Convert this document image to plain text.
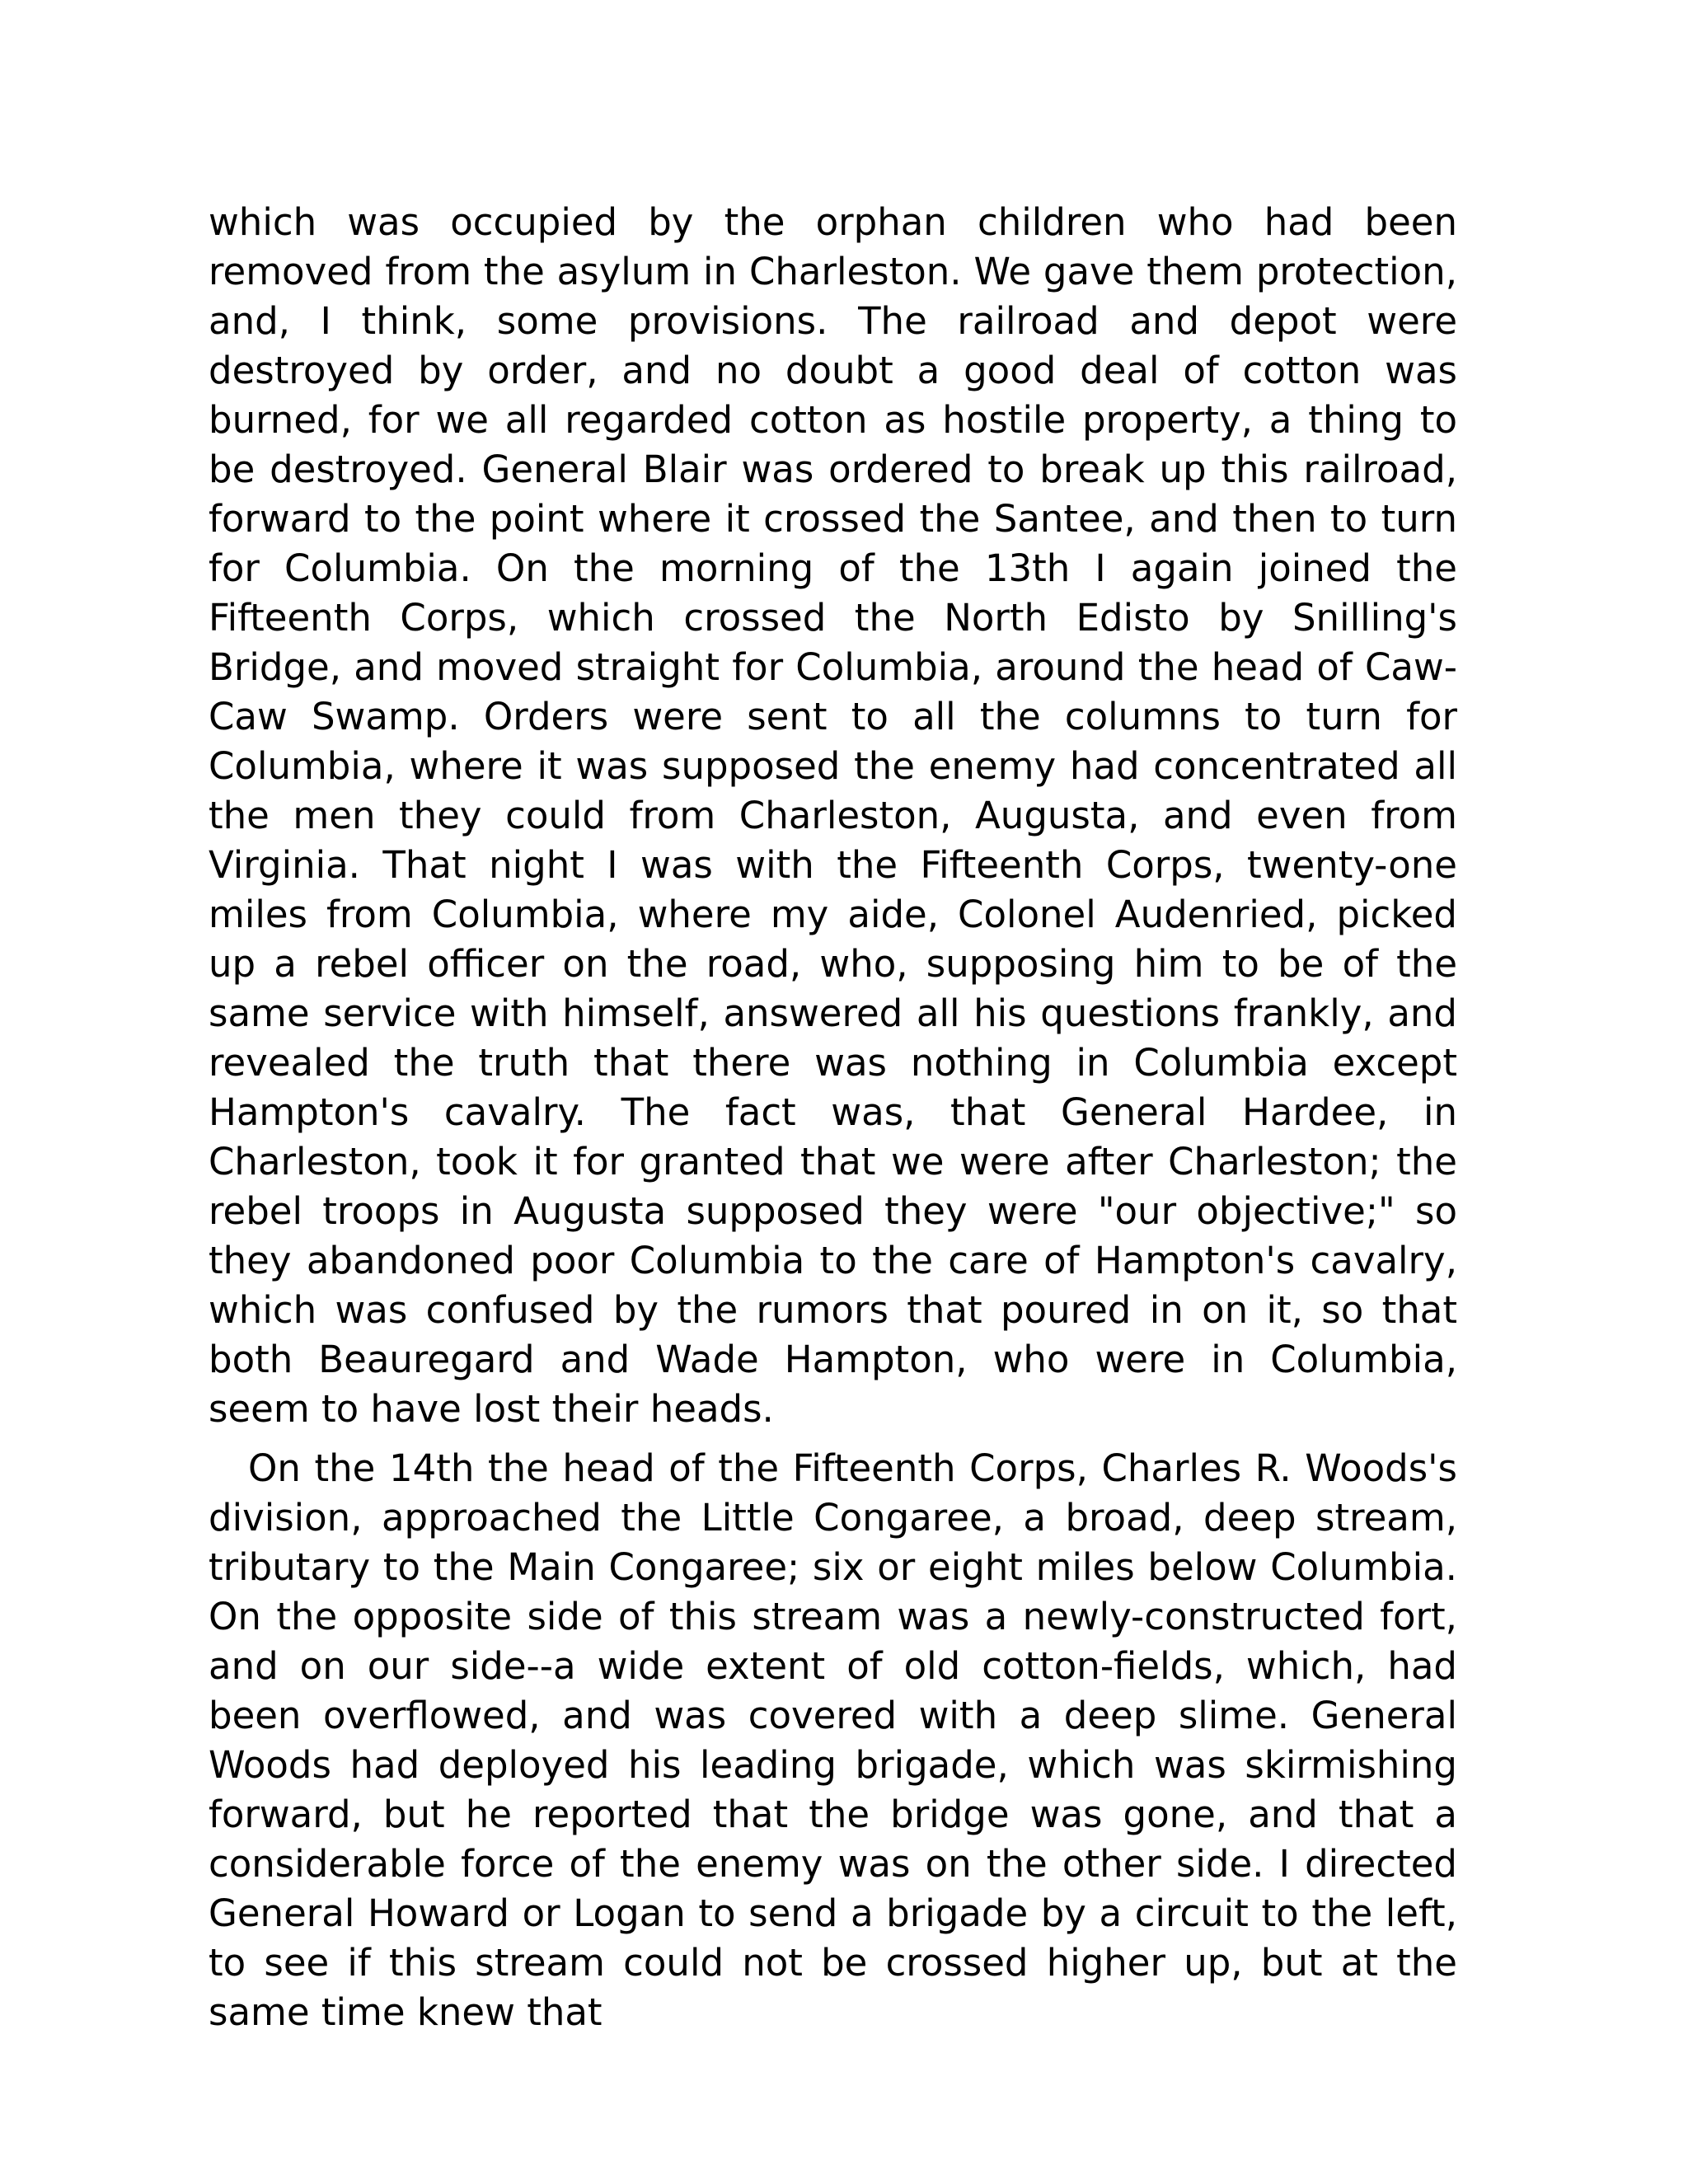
which was occupied by the orphan children who had been removed from the asylum in Charleston. We gave them protection, and, I think, some provisions. The railroad and depot were destroyed by order, and no doubt a good deal of cotton was burned, for we all regarded cotton as hostile property, a thing to be destroyed. General Blair was ordered to break up this railroad, forward to the point where it crossed the Santee, and then to turn for Columbia. On the morning of the 13th I again joined the Fifteenth Corps, which crossed the North Edisto by Snilling's Bridge, and moved straight for Columbia, around the head of Caw-Caw Swamp. Orders were sent to all the columns to turn for Columbia, where it was supposed the enemy had concentrated all the men they could from Charleston, Augusta, and even from Virginia. That night I was with the Fifteenth Corps, twenty-one miles from Columbia, where my aide, Colonel Audenried, picked up a rebel officer on the road, who, supposing him to be of the same service with himself, answered all his questions frankly, and revealed the truth that there was nothing in Columbia except Hampton's cavalry. The fact was, that General Hardee, in Charleston, took it for granted that we were after Charleston; the rebel troops in Augusta supposed they were "our objective;" so they abandoned poor Columbia to the care of Hampton's cavalry, which was confused by the rumors that poured in on it, so that both Beauregard and Wade Hampton, who were in Columbia, seem to have lost their heads.

On the 14th the head of the Fifteenth Corps, Charles R. Woods's division, approached the Little Congaree, a broad, deep stream, tributary to the Main Congaree; six or eight miles below Columbia. On the opposite side of this stream was a newly-constructed fort, and on our side--a wide extent of old cotton-fields, which, had been overflowed, and was covered with a deep slime. General Woods had deployed his leading brigade, which was skirmishing forward, but he reported that the bridge was gone, and that a considerable force of the enemy was on the other side. I directed General Howard or Logan to send a brigade by a circuit to the left, to see if this stream could not be crossed higher up, but at the same time knew that
